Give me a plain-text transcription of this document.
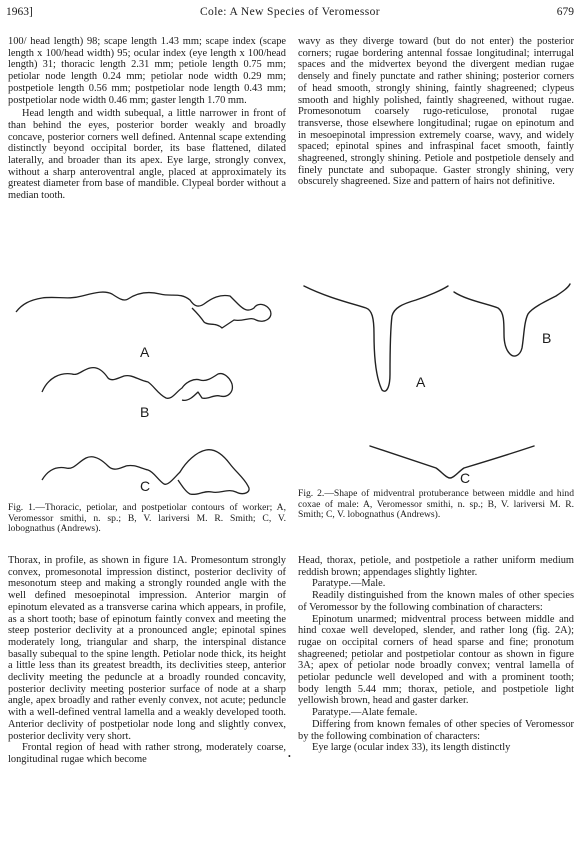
1963]	Cole: A New Species of Veromessor	679

100/ head length) 98; scape length 1.43 mm; scape index (scape length x 100/head width) 95; ocular index (eye length x 100/head length) 31; thoracic length 2.31 mm; petiole length 0.75 mm; petiolar node length 0.24 mm; petiolar node width 0.29 mm; postpetiole length 0.56 mm; postpetiolar node length 0.43 mm; postpetiolar node width 0.46 mm; gaster length 1.70 mm.

Head length and width subequal, a little narrower in front of than behind the eyes, posterior border weakly and broadly concave, posterior corners well defined. Antennal scape extending distinctly beyond occipital border, its base flattened, dilated laterally, and broader than its apex. Eye large, strongly convex, without a sharp anteroventral angle, placed at approximately its greatest diameter from base of mandible. Clypeal border without a median tooth.

wavy as they diverge toward (but do not enter) the posterior corners; rugae bordering antennal fossae longitudinal; interrugal spaces and the midvertex beyond the divergent median rugae densely and finely punctate and rather shining; posterior corners of head smooth, strongly shining, faintly shagreened; clypeus smooth and highly polished, faintly shagreened, without rugae. Promesonotum coarsely rugo-reticulose, pronotal rugae transverse, those elsewhere longitudinal; rugae on epinotum and in mesoepinotal impression extremely coarse, wavy, and widely spaced; epinotal spines and infraspinal facet smooth, faintly shagreened, strongly shining. Petiole and postpetiole densely and finely punctate and subopaque. Gaster strongly shining, very obscurely shagreened. Size and pattern of hairs not definitive.

A
B
C
Fig. 1.—Thoracic, petiolar, and postpetiolar contours of worker; A, Veromessor smithi, n. sp.; B, V. lariversi M. R. Smith; C, V. lobognathus (Andrews).
A
B
C
Fig. 2.—Shape of midventral protuberance between middle and hind coxae of male: A, Veromessor smithi, n. sp.; B, V. lariversi M. R. Smith; C, V. lobognathus (Andrews).

Thorax, in profile, as shown in figure 1A. Promesontum strongly convex, promesonotal impression distinct, posterior declivity of mesonotum steep and making a strongly rounded angle with the well defined mesoepinotal impression. Anterior margin of epinotum elevated as a transverse carina which appears, in profile, as a short tooth; base of epinotum faintly convex and meeting the steep posterior declivity at a pronounced angle; epinotal spines moderately long, triangular and sharp, the interspinal distance basally subequal to the spine length. Petiolar node thick, its height a little less than its greatest breadth, its declivities steep, anterior declivity meeting the peduncle at a broadly rounded concavity, posterior declivity meeting posterior surface of node at a sharp angle, apex broadly and rather evenly convex, not acute; peduncle with a well-defined ventral lamella and a weakly developed tooth. Anterior declivity of postpetiolar node long and slightly convex, posterior declivity very short.

Frontal region of head with rather strong, moderately coarse, longitudinal rugae which become

Head, thorax, petiole, and postpetiole a rather uniform medium reddish brown; appendages slightly lighter.

Paratype.—Male.

Readily distinguished from the known males of other species of Veromessor by the following combination of characters:

Epinotum unarmed; midventral process between middle and hind coxae well developed, slender, and rather long (fig. 2A); rugae on occipital corners of head sparse and fine; pronotum shagreened; petiolar and postpetiolar contour as shown in figure 3A; apex of petiolar node broadly convex; ventral lamella of petiolar peduncle well developed and with a prominent tooth; body length 5.44 mm; thorax, petiole, and postpetiole light yellowish brown, head and gaster darker.

Paratype.—Alate female.

Differing from known females of other species of Veromessor by the following combination of characters:

Eye large (ocular index 33), its length distinctly

•
